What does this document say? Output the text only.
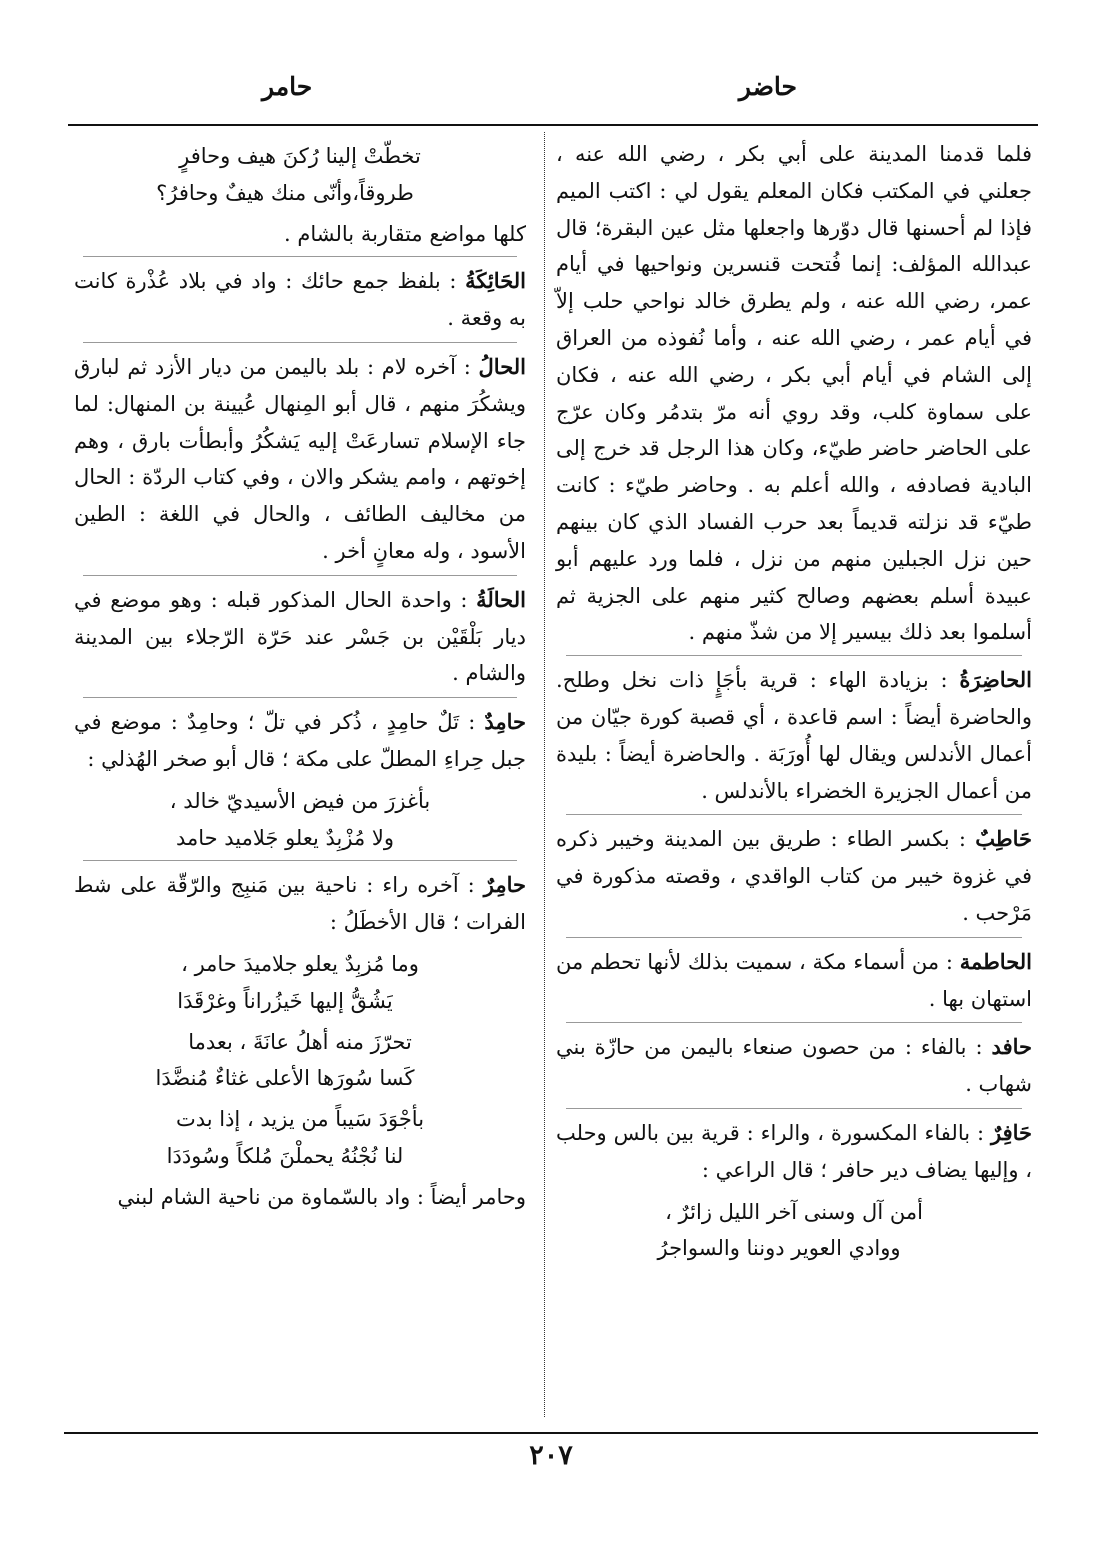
حاضر
حامر
فلما قدمنا المدينة على أبي بكر ، رضي الله عنه ، جعلني في المكتب فكان المعلم يقول لي : اكتب الميم فإذا لم أحسنها قال دوّرها واجعلها مثل عين البقرة؛ قال عبدالله المؤلف: إنما فُتحت قنسرين ونواحيها في أيام عمر، رضي الله عنه ، ولم يطرق خالد نواحي حلب إلاّ في أيام عمر ، رضي الله عنه ، وأما نُفوذه من العراق إلى الشام في أيام أبي بكر ، رضي الله عنه ، فكان على سماوة كلب، وقد روي أنه مرّ بتدمُر وكان عرّج على الحاضر حاضر طيّء، وكان هذا الرجل قد خرج إلى البادية فصادفه ، والله أعلم به . وحاضر طيّء : كانت طيّء قد نزلته قديماً بعد حرب الفساد الذي كان بينهم حين نزل الجبلين منهم من نزل ، فلما ورد عليهم أبو عبيدة أسلم بعضهم وصالح كثير منهم على الجزية ثم أسلموا بعد ذلك بيسير إلا من شذّ منهم .
الحاضِرَةُ : بزيادة الهاء : قرية بأجَإٍ ذات نخل وطلح. والحاضرة أيضاً : اسم قاعدة ، أي قصبة كورة جيّان من أعمال الأندلس ويقال لها أُورَبَة . والحاضرة أيضاً : بليدة من أعمال الجزيرة الخضراء بالأندلس .
حَاطِبٌ : بكسر الطاء : طريق بين المدينة وخيبر ذكره في غزوة خيبر من كتاب الواقدي ، وقصته مذكورة في مَرْحب .
الحاطمة : من أسماء مكة ، سميت بذلك لأنها تحطم من استهان بها .
حافد : بالفاء : من حصون صنعاء باليمن من حازّة بني شهاب .
حَافِرٌ : بالفاء المكسورة ، والراء : قرية بين بالس وحلب ، وإليها يضاف دير حافر ؛ قال الراعي :
أمن آل وسنى آخر الليل زائرٌ ،
ووادي العوير دوننا والسواجرُ
تخطّتْ إلينا رُكنَ هيف وحافرٍ
طروقاً،وأنّى منك هيفٌ وحافرُ؟
كلها مواضع متقاربة بالشام .
الحَائِكَةُ : بلفظ جمع حائك : واد في بلاد عُذْرة كانت به وقعة .
الحالُ : آخره لام : بلد باليمن من ديار الأزد ثم لبارق ويشكُرَ منهم ، قال أبو المِنهال عُيينة بن المنهال: لما جاء الإسلام تسارعَتْ إليه يَشكُرُ وأبطأت بارق ، وهم إخوتهم ، وامم يشكر والان ، وفي كتاب الردّة : الحال من مخاليف الطائف ، والحال في اللغة : الطين الأسود ، وله معانٍ أخر .
الحالَةُ : واحدة الحال المذكور قبله : وهو موضع في ديار بَلْقَيْن بن جَسْر عند حَرّة الرّجلاء بين المدينة والشام .
حامِدٌ : تَلٌ حامِدٍ ، ذُكر في تلّ ؛ وحامِدٌ : موضع في جبل حِراءِ المطلّ على مكة ؛ قال أبو صخر الهُذلي :
بأغزرَ من فيض الأسيديّ خالد ،
ولا مُزْبِدٌ يعلو جَلاميد حامد
حامِرٌ : آخره راء : ناحية بين مَنبِج والرّقّة على شط الفرات ؛ قال الأخطَلُ :
وما مُزبِدٌ يعلو جلاميدَ حامر ،
يَشُقُّ إليها خَيزُراناً وغرْقَدَا
تحرّزَ منه أهلُ عانَةَ ، بعدما
كَسا سُورَها الأعلى غثاءٌ مُنضَّدَا
بأجْوَدَ سَيباً من يزيد ، إذا بدت
لنا نُجْنُهُ يحملْنَ مُلكاً وسُودَدَا
وحامر أيضاً : واد بالسّماوة من ناحية الشام لبني
٢٠٧
